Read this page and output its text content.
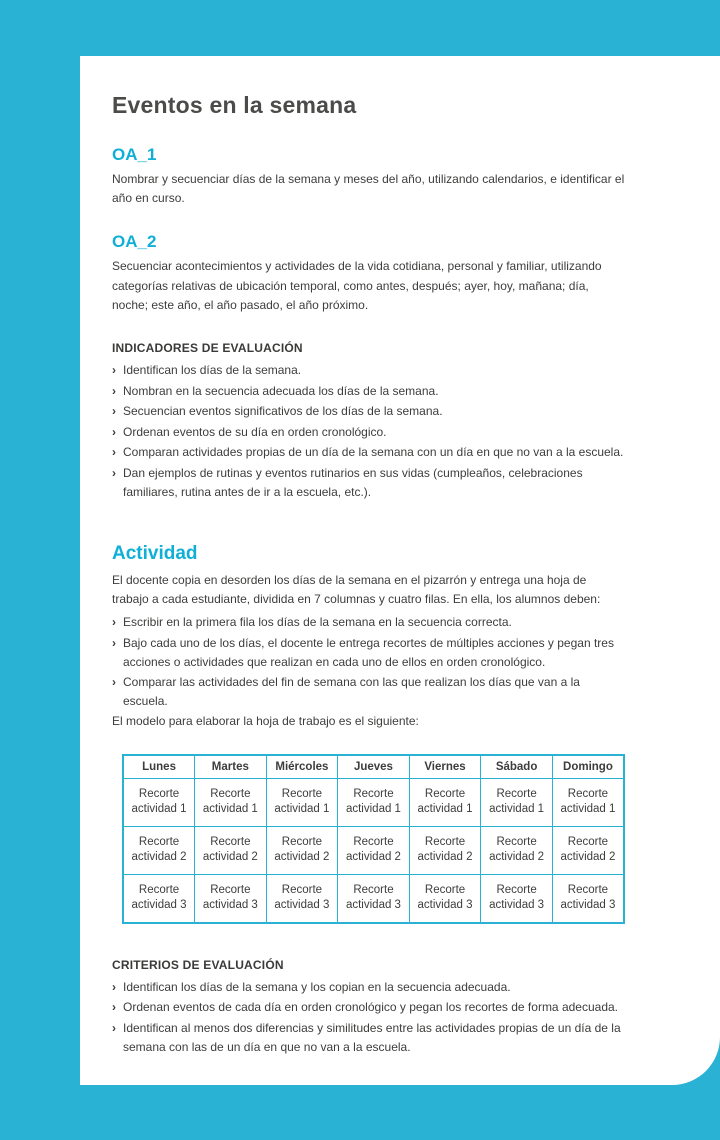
Eventos en la semana
OA_1

Nombrar y secuenciar días de la semana y meses del año, utilizando calendarios, e identificar el año en curso.

OA_2

Secuenciar acontecimientos y actividades de la vida cotidiana, personal y familiar, utilizando categorías relativas de ubicación temporal, como antes, después; ayer, hoy, mañana; día, noche; este año, el año pasado, el año próximo.

INDICADORES DE EVALUACIÓN
› Identifican los días de la semana.
› Nombran en la secuencia adecuada los días de la semana.
› Secuencian eventos significativos de los días de la semana.
› Ordenan eventos de su día en orden cronológico.
› Comparan actividades propias de un día de la semana con un día en que no van a la escuela.
› Dan ejemplos de rutinas y eventos rutinarios en sus vidas (cumpleaños, celebraciones familiares, rutina antes de ir a la escuela, etc.).
Actividad

El docente copia en desorden los días de la semana en el pizarrón y entrega una hoja de trabajo a cada estudiante, dividida en 7 columnas y cuatro filas. En ella, los alumnos deben:

› Escribir en la primera fila los días de la semana en la secuencia correcta.
› Bajo cada uno de los días, el docente le entrega recortes de múltiples acciones y pegan tres acciones o actividades que realizan en cada uno de ellos en orden cronológico.
› Comparar las actividades del fin de semana con las que realizan los días que van a la escuela.

El modelo para elaborar la hoja de trabajo es el siguiente:

Lunes	Martes	Miércoles	Jueves	Viernes	Sábado	Domingo
Recorte actividad 1	Recorte actividad 1	Recorte actividad 1	Recorte actividad 1	Recorte actividad 1	Recorte actividad 1	Recorte actividad 1
Recorte actividad 2	Recorte actividad 2	Recorte actividad 2	Recorte actividad 2	Recorte actividad 2	Recorte actividad 2	Recorte actividad 2
Recorte actividad 3	Recorte actividad 3	Recorte actividad 3	Recorte actividad 3	Recorte actividad 3	Recorte actividad 3	Recorte actividad 3
CRITERIOS DE EVALUACIÓN
› Identifican los días de la semana y los copian en la secuencia adecuada.
› Ordenan eventos de cada día en orden cronológico y pegan los recortes de forma adecuada.
› Identifican al menos dos diferencias y similitudes entre las actividades propias de un día de la semana con las de un día en que no van a la escuela.
